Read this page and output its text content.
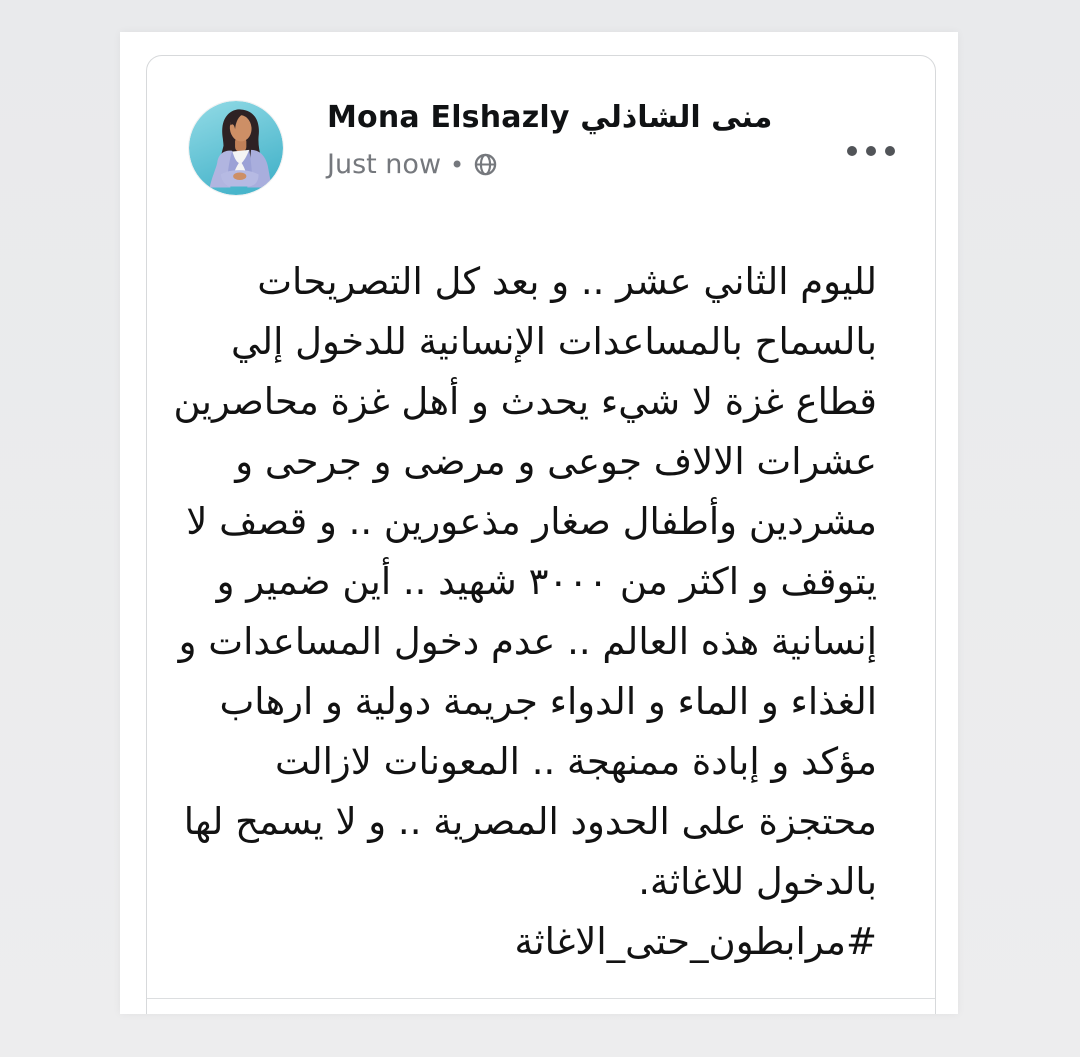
Mona Elshazly منى الشاذلي
Just now •
لليوم الثاني عشر .. و بعد كل التصريحات
بالسماح بالمساعدات الإنسانية للدخول إلي
قطاع غزة لا شيء يحدث و أهل غزة محاصرين
عشرات الالاف جوعى و مرضى و جرحى و
مشردين وأطفال صغار مذعورين .. و قصف لا
يتوقف و اكثر من ٣٠٠٠ شهيد .. أين ضمير و
إنسانية هذه العالم .. عدم دخول المساعدات و
الغذاء و الماء و الدواء جريمة دولية و ارهاب
مؤكد و إبادة ممنهجة .. المعونات لازالت
محتجزة على الحدود المصرية .. و لا يسمح لها
بالدخول للاغاثة.
#مرابطون_حتى_الاغاثة
